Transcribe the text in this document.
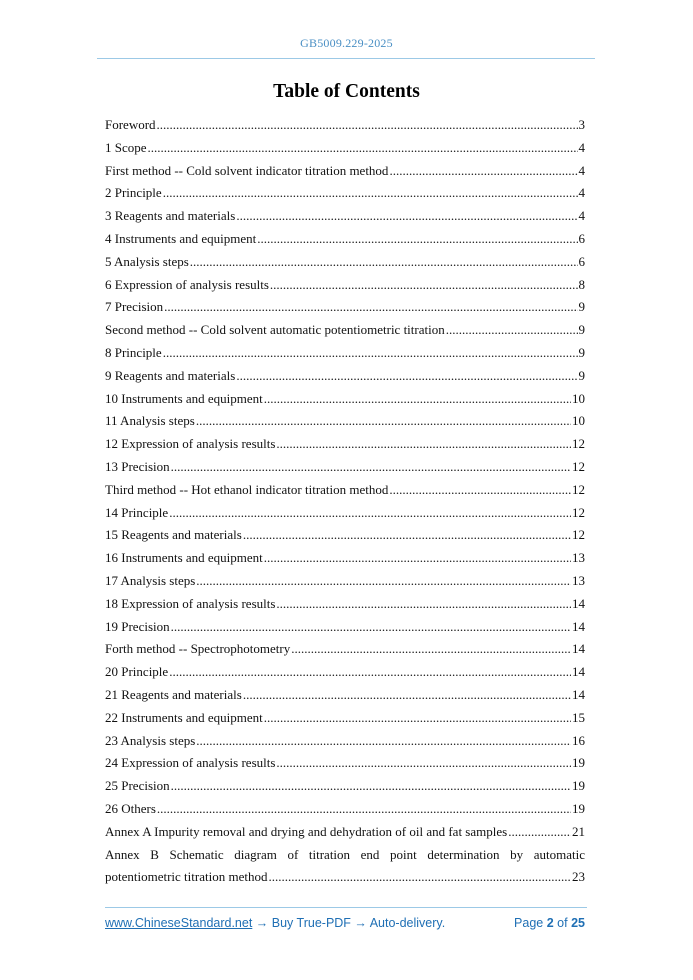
GB5009.229-2025
Table of Contents
Foreword .....	3
1 Scope .....	4
First method -- Cold solvent indicator titration method .....	4
2 Principle .....	4
3 Reagents and materials .....	4
4 Instruments and equipment .....	6
5 Analysis steps .....	6
6 Expression of analysis results .....	8
7 Precision .....	9
Second method -- Cold solvent automatic potentiometric titration .....	9
8 Principle .....	9
9 Reagents and materials .....	9
10 Instruments and equipment .....	10
11 Analysis steps .....	10
12 Expression of analysis results .....	12
13 Precision .....	12
Third method -- Hot ethanol indicator titration method .....	12
14 Principle .....	12
15 Reagents and materials .....	12
16 Instruments and equipment .....	13
17 Analysis steps .....	13
18 Expression of analysis results .....	14
19 Precision .....	14
Forth method -- Spectrophotometry .....	14
20 Principle .....	14
21 Reagents and materials .....	14
22 Instruments and equipment .....	15
23 Analysis steps .....	16
24 Expression of analysis results .....	19
25 Precision .....	19
26 Others .....	19
Annex A Impurity removal and drying and dehydration of oil and fat samples .....	21
Annex B Schematic diagram of titration end point determination by automatic
potentiometric titration method .....	23
www.ChineseStandard.net → Buy True-PDF → Auto-delivery.	Page 2 of 25
